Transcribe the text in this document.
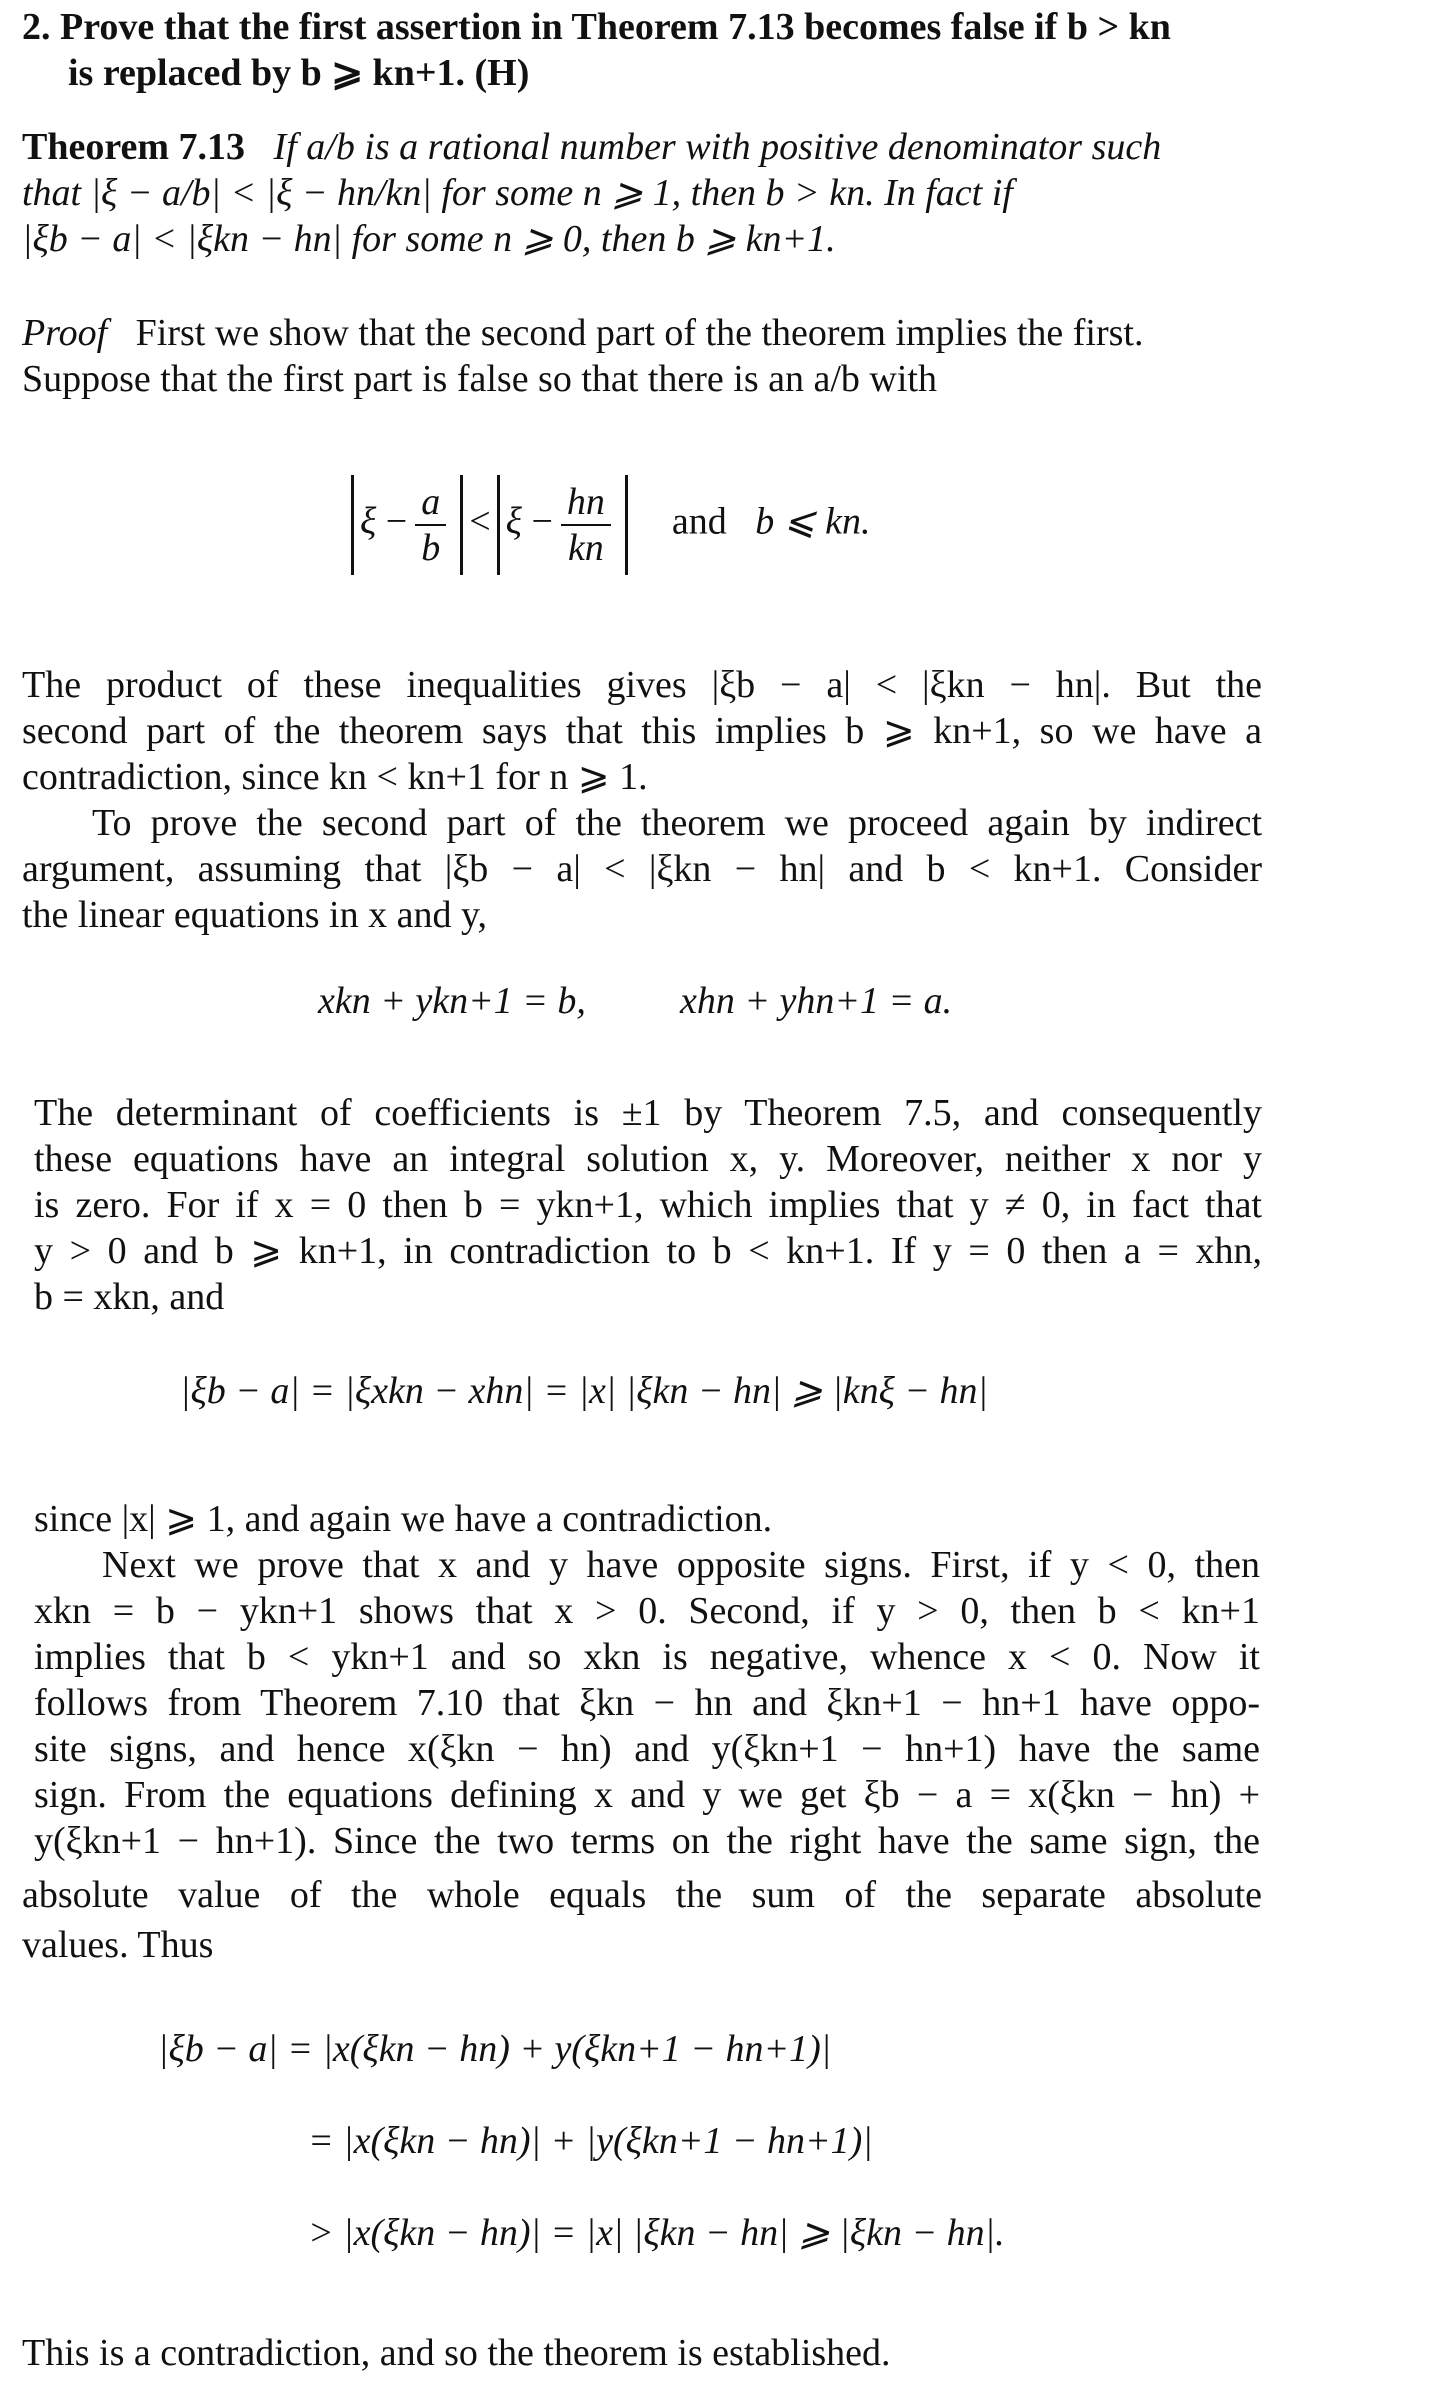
2. Prove that the first assertion in Theorem 7.13 becomes false if b > kn
is replaced by b ⩾ kn+1. (H)
Theorem 7.13 If a/b is a rational number with positive denominator such
that |ξ − a/b| < |ξ − hn/kn| for some n ⩾ 1, then b > kn. In fact if
|ξb − a| < |ξkn − hn| for some n ⩾ 0, then b ⩾ kn+1.
Proof First we show that the second part of the theorem implies the first.
Suppose that the first part is false so that there is an a/b with
$\xi - \frac{a}{b} < \xi - \frac{hn}{kn}$ and b ⩽ kn.
The product of these inequalities gives |ξb − a| < |ξkn − hn|. But the
second part of the theorem says that this implies b ⩾ kn+1, so we have a
contradiction, since kn < kn+1 for n ⩾ 1.
To prove the second part of the theorem we proceed again by indirect
argument, assuming that |ξb − a| < |ξkn − hn| and b < kn+1. Consider
the linear equations in x and y,
xkn + ykn+1 = b, xhn + yhn+1 = a.
The determinant of coefficients is ±1 by Theorem 7.5, and consequently
these equations have an integral solution x, y. Moreover, neither x nor y
is zero. For if x = 0 then b = ykn+1, which implies that y ≠ 0, in fact that
y > 0 and b ⩾ kn+1, in contradiction to b < kn+1. If y = 0 then a = xhn,
b = xkn, and
|ξb − a| = |ξxkn − xhn| = |x| |ξkn − hn| ⩾ |knξ − hn|
since |x| ⩾ 1, and again we have a contradiction.
Next we prove that x and y have opposite signs. First, if y < 0, then
xkn = b − ykn+1 shows that x > 0. Second, if y > 0, then b < kn+1
implies that b < ykn+1 and so xkn is negative, whence x < 0. Now it
follows from Theorem 7.10 that ξkn − hn and ξkn+1 − hn+1 have oppo-
site signs, and hence x(ξkn − hn) and y(ξkn+1 − hn+1) have the same
sign. From the equations defining x and y we get ξb − a = x(ξkn − hn) +
y(ξkn+1 − hn+1). Since the two terms on the right have the same sign, the
absolute value of the whole equals the sum of the separate absolute
values. Thus
|ξb − a| = |x(ξkn − hn) + y(ξkn+1 − hn+1)|
= |x(ξkn − hn)| + |y(ξkn+1 − hn+1)|
> |x(ξkn − hn)| = |x| |ξkn − hn| ⩾ |ξkn − hn|.
This is a contradiction, and so the theorem is established.
